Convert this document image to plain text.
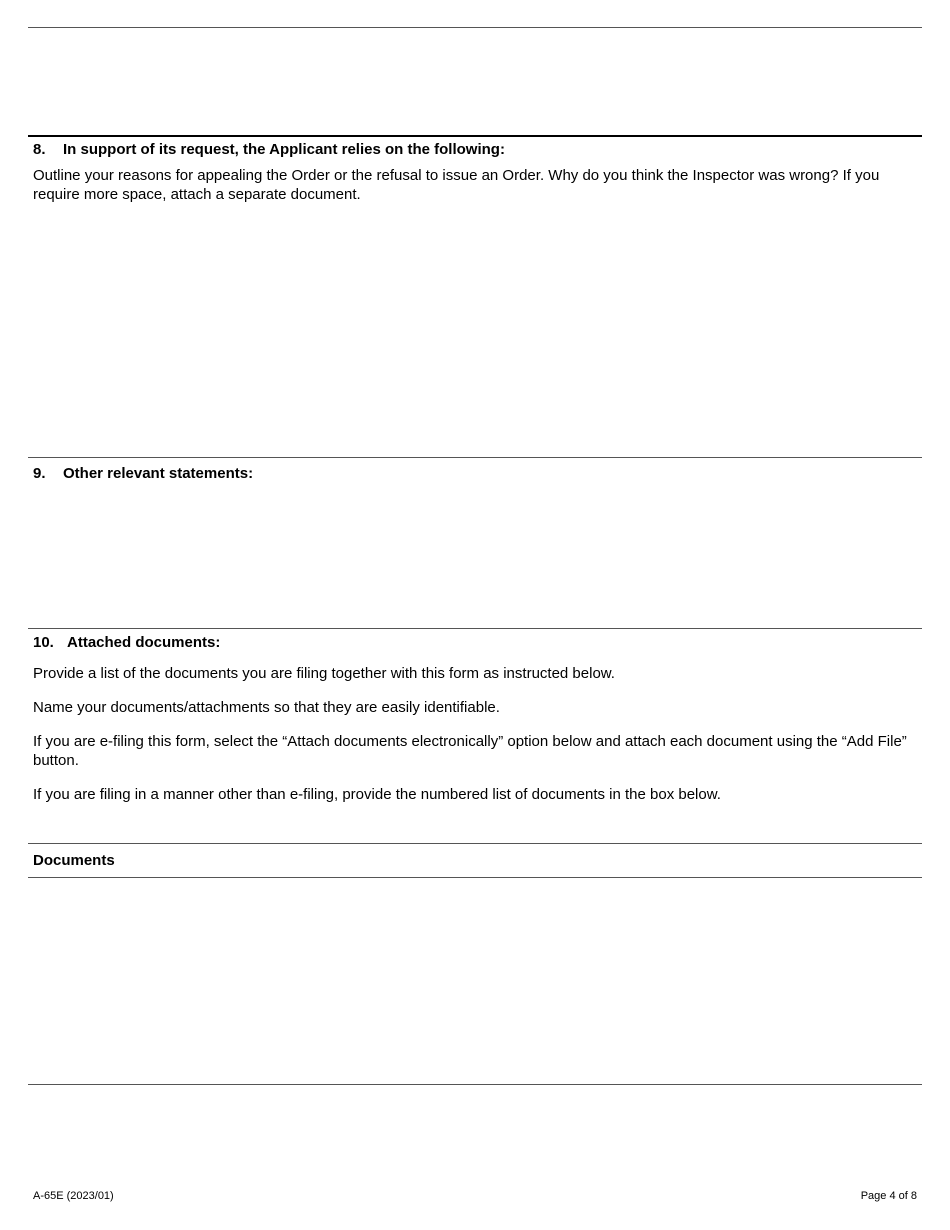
8. In support of its request, the Applicant relies on the following:
Outline your reasons for appealing the Order or the refusal to issue an Order. Why do you think the Inspector was wrong? If you require more space, attach a separate document.
9. Other relevant statements:
10. Attached documents:
Provide a list of the documents you are filing together with this form as instructed below.
Name your documents/attachments so that they are easily identifiable.
If you are e-filing this form, select the “Attach documents electronically” option below and attach each document using the “Add File” button.
If you are filing in a manner other than e-filing, provide the numbered list of documents in the box below.
Documents
A-65E (2023/01)	Page 4 of 8
